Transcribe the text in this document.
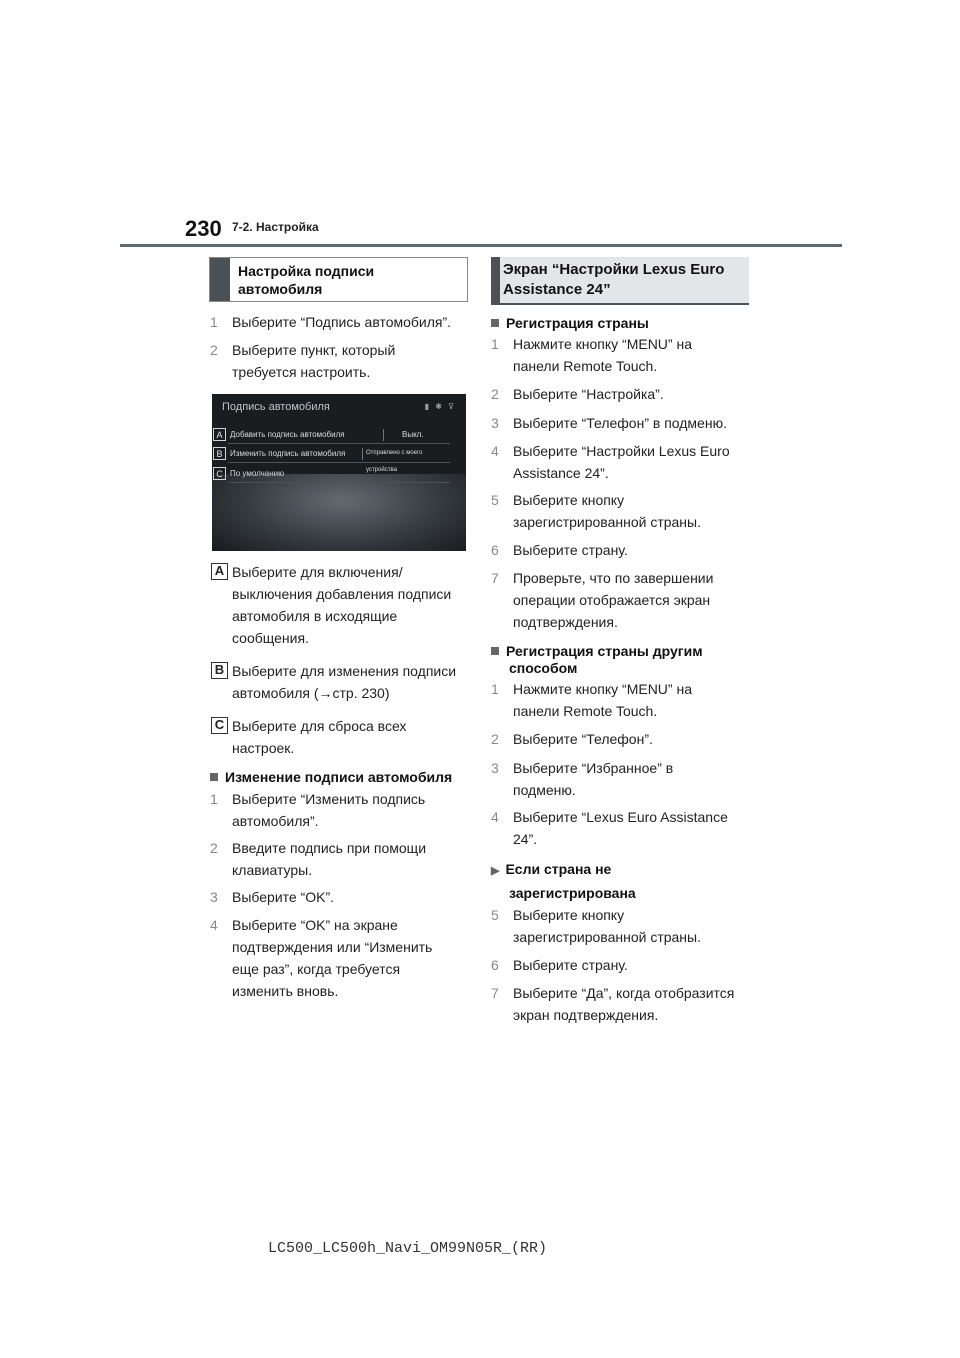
230 7-2. Настройка
Настройка подписи
автомобиля
1 Выберите “Подпись автомобиля”.
2 Выберите пункт, который
требуется настроить.
Подпись автомобиля	▮ ✱ ⊽
A Добавить подпись автомобиля	Выкл.
B Изменить подпись автомобиля	Отправлено с моего устройства
C По умолчанию
A Выберите для включения/
выключения добавления подписи
автомобиля в исходящие
сообщения.
B Выберите для изменения подписи
автомобиля (→стр. 230)
C Выберите для сброса всех
настроек.
Изменение подписи автомобиля
1 Выберите “Изменить подпись
автомобиля”.
2 Введите подпись при помощи
клавиатуры.
3 Выберите “OK”.
4 Выберите “OK” на экране
подтверждения или “Изменить
еще раз”, когда требуется
изменить вновь.
Экран “Настройки Lexus Euro
Assistance 24”
Регистрация страны
1 Нажмите кнопку “MENU” на
панели Remote Touch.
2 Выберите “Настройка”.
3 Выберите “Телефон” в подменю.
4 Выберите “Настройки Lexus Euro
Assistance 24”.
5 Выберите кнопку
зарегистрированной страны.
6 Выберите страну.
7 Проверьте, что по завершении
операции отображается экран
подтверждения.
Регистрация страны другим
способом
1 Нажмите кнопку “MENU” на
панели Remote Touch.
2 Выберите “Телефон”.
3 Выберите “Избранное” в
подменю.
4 Выберите “Lexus Euro Assistance
24”.
▶ Если страна не
зарегистрирована
5 Выберите кнопку
зарегистрированной страны.
6 Выберите страну.
7 Выберите “Да”, когда отобразится
экран подтверждения.
LC500_LC500h_Navi_OM99N05R_(RR)
